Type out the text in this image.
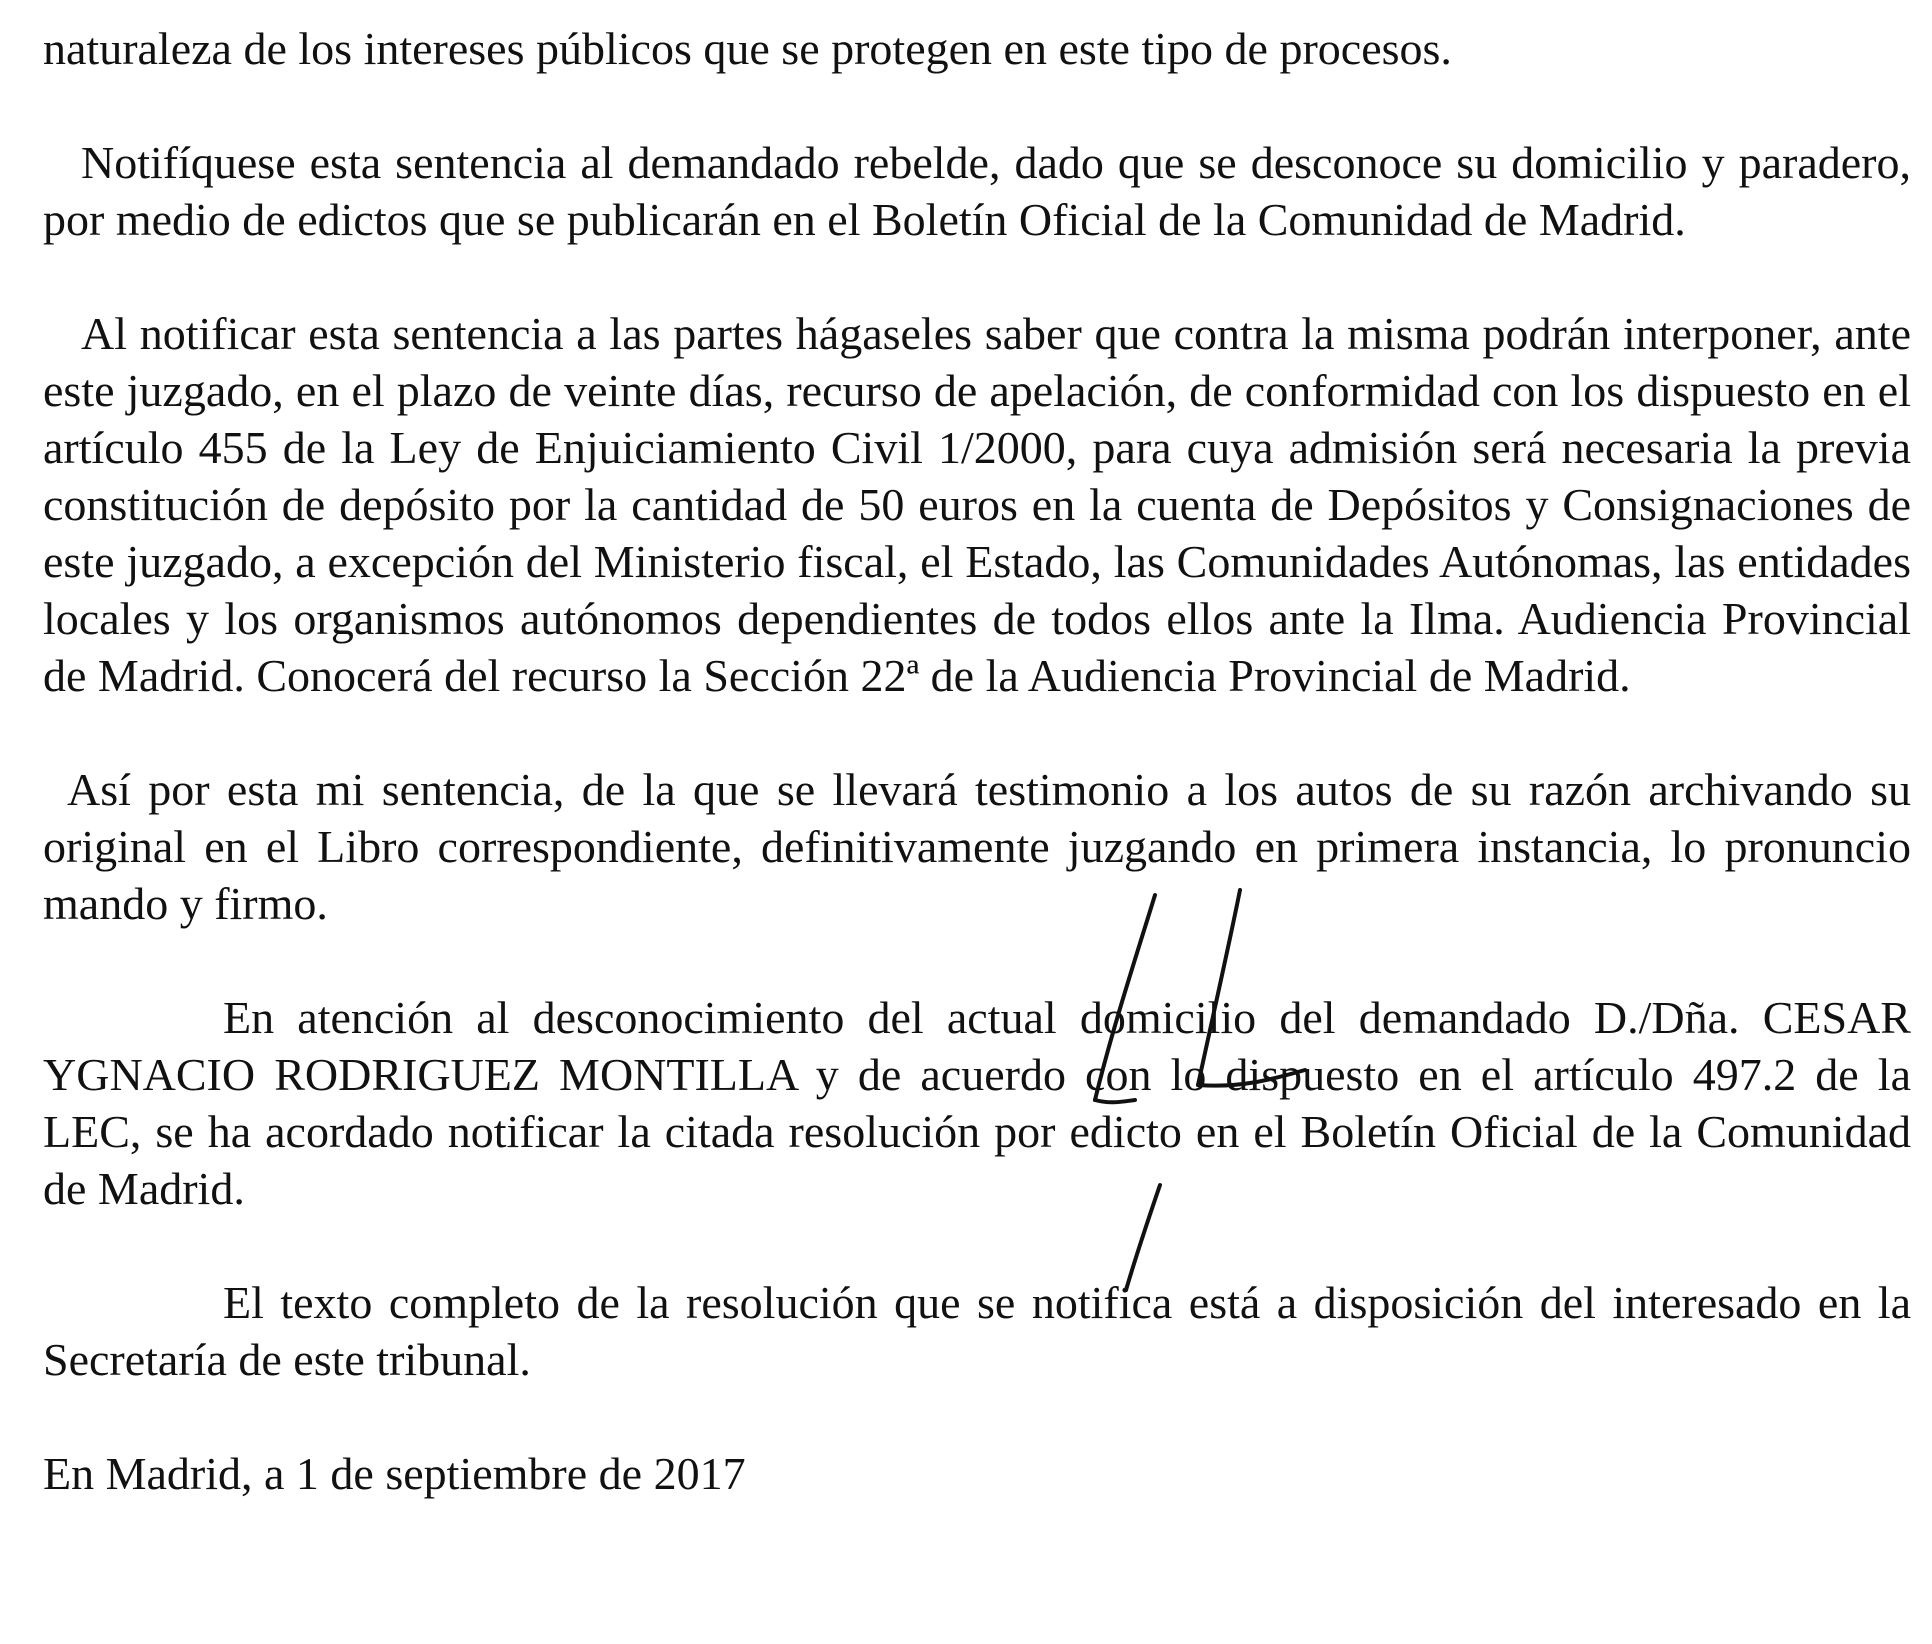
naturaleza de los intereses públicos que se protegen en este tipo de procesos.

Notifíquese esta sentencia al demandado rebelde, dado que se desconoce su domicilio y paradero, por medio de edictos que se publicarán en el Boletín Oficial de la Comunidad de Madrid.

Al notificar esta sentencia a las partes hágaseles saber que contra la misma podrán interponer, ante este juzgado, en el plazo de veinte días, recurso de apelación, de conformidad con los dispuesto en el artículo 455 de la Ley de Enjuiciamiento Civil 1/2000, para cuya admisión será necesaria la previa constitución de depósito por la cantidad de 50 euros en la cuenta de Depósitos y Consignaciones de este juzgado, a excepción del Ministerio fiscal, el Estado, las Comunidades Autónomas, las entidades locales y los organismos autónomos dependientes de todos ellos ante la Ilma. Audiencia Provincial de Madrid. Conocerá del recurso la Sección 22ª de la Audiencia Provincial de Madrid.

Así por esta mi sentencia, de la que se llevará testimonio a los autos de su razón archivando su original en el Libro correspondiente, definitivamente juzgando en primera instancia, lo pronuncio mando y firmo.

En atención al desconocimiento del actual domicilio del demandado D./Dña. CESAR YGNACIO RODRIGUEZ MONTILLA y de acuerdo con lo dispuesto en el artículo 497.2 de la LEC, se ha acordado notificar la citada resolución por edicto en el Boletín Oficial de la Comunidad de Madrid.

El texto completo de la resolución que se notifica está a disposición del interesado en la Secretaría de este tribunal.

En Madrid, a 1 de septiembre de 2017
